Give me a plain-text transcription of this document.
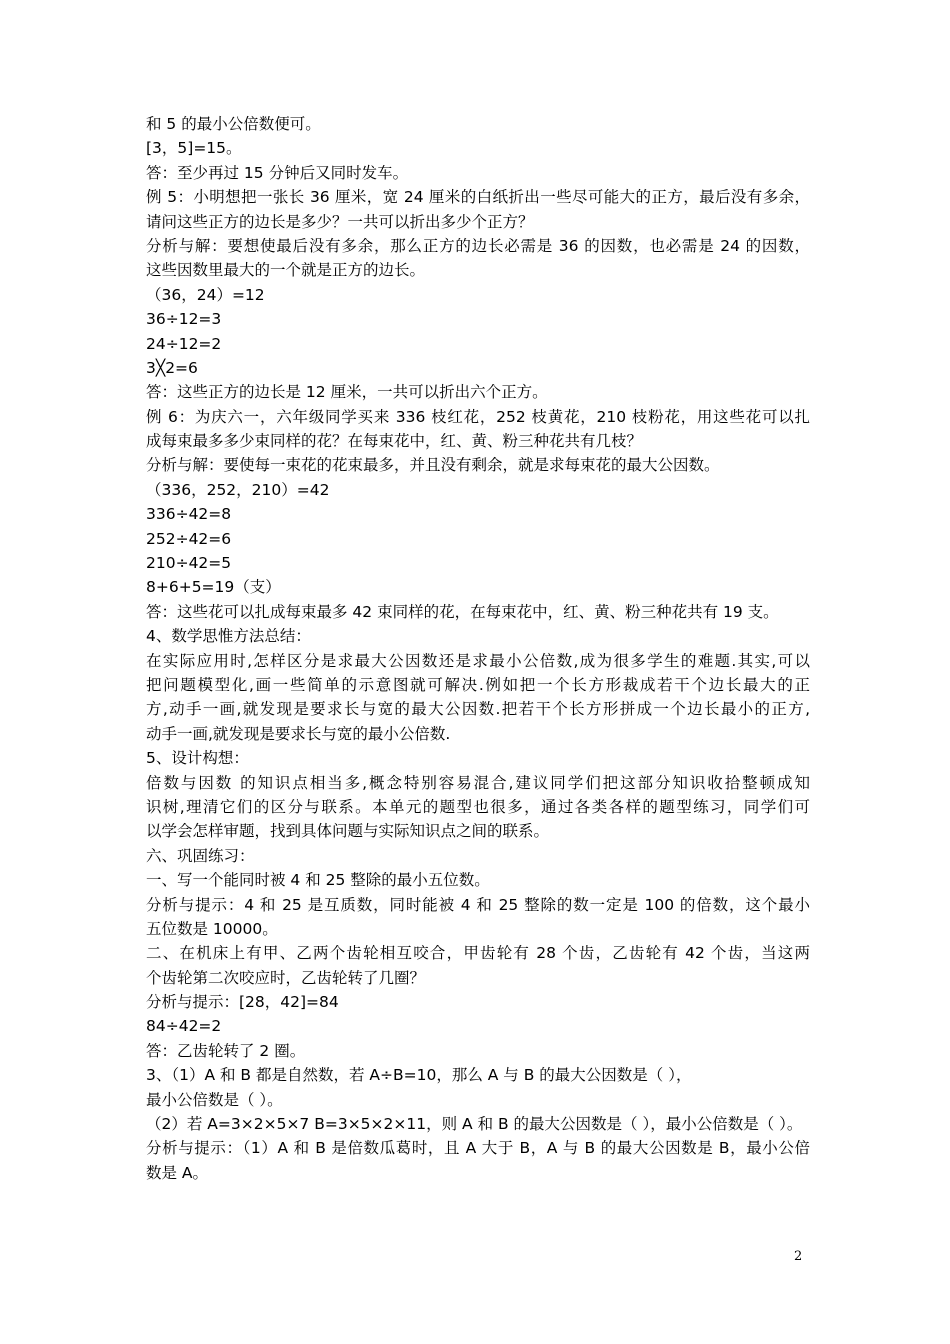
和 5 的最小公倍数便可。
[3，5]=15。
答：至少再过 15 分钟后又同时发车。
例 5：小明想把一张长 36 厘米，宽 24 厘米的白纸折出一些尽可能大的正方，最后没有多余，
请问这些正方的边长是多少？一共可以折出多少个正方？
分析与解：要想使最后没有多余，那么正方的边长必需是 36 的因数，也必需是 24 的因数，
这些因数里最大的一个就是正方的边长。
（36，24）=12
36÷12=3
24÷12=2
3╳2=6
答：这些正方的边长是 12 厘米，一共可以折出六个正方。
例 6：为庆六一，六年级同学买来 336 枝红花，252 枝黄花，210 枝粉花，用这些花可以扎
成每束最多多少束同样的花？在每束花中，红、黄、粉三种花共有几枝？
分析与解：要使每一束花的花束最多，并且没有剩余，就是求每束花的最大公因数。
（336，252，210）=42
336÷42=8
252÷42=6
210÷42=5
8+6+5=19（支）
答：这些花可以扎成每束最多 42 束同样的花，在每束花中，红、黄、粉三种花共有 19 支。
4、数学思惟方法总结：
在实际应用时,怎样区分是求最大公因数还是求最小公倍数,成为很多学生的难题.其实,可以
把问题模型化,画一些简单的示意图就可解决.例如把一个长方形裁成若干个边长最大的正
方,动手一画,就发现是要求长与宽的最大公因数.把若干个长方形拼成一个边长最小的正方,
动手一画,就发现是要求长与宽的最小公倍数.
5、设计构想：
倍数与因数 的知识点相当多,概念特别容易混合,建议同学们把这部分知识收拾整顿成知
识树,理清它们的区分与联系。本单元的题型也很多，通过各类各样的题型练习，同学们可
以学会怎样审题，找到具体问题与实际知识点之间的联系。
六、巩固练习：
一、写一个能同时被 4 和 25 整除的最小五位数。
分析与提示：4 和 25 是互质数，同时能被 4 和 25 整除的数一定是 100 的倍数，这个最小
五位数是 10000。
二、在机床上有甲、乙两个齿轮相互咬合，甲齿轮有 28 个齿，乙齿轮有 42 个齿，当这两
个齿轮第二次咬应时，乙齿轮转了几圈？
分析与提示：[28，42]=84
84÷42=2
答：乙齿轮转了 2 圈。
3、（1）A 和 B 都是自然数，若 A÷B=10，那么 A 与 B 的最大公因数是（ ），
最小公倍数是（ ）。
（2）若 A=3×2×5×7 B=3×5×2×11，则 A 和 B 的最大公因数是（ ），最小公倍数是（ ）。
分析与提示：（1）A 和 B 是倍数瓜葛时，且 A 大于 B，A 与 B 的最大公因数是 B，最小公倍
数是 A。
2
